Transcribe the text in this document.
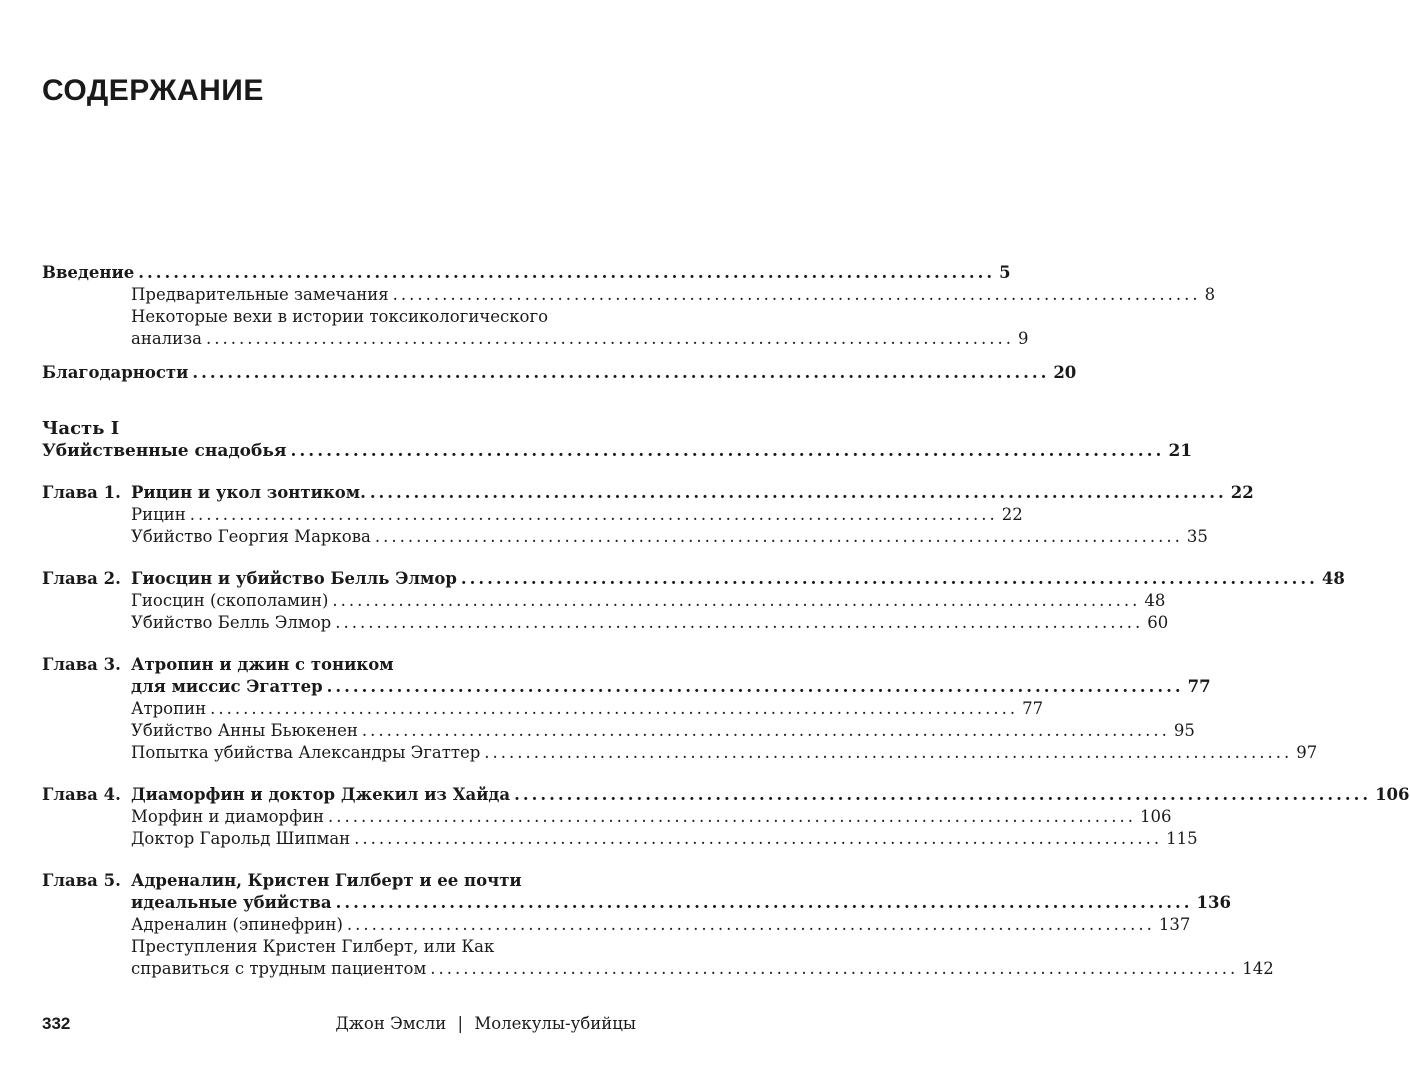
СОДЕРЖАНИЕ
Введение .................................................................................................. 5
Предварительные замечания .................................................................................................. 8
Некоторые вехи в истории токсикологического
анализа .................................................................................................. 9
Благодарности .................................................................................................. 20
Часть I
Убийственные снадобья .................................................................................................. 21
Глава 1. Рицин и укол зонтиком. .................................................................................................. 22
Рицин .................................................................................................. 22
Убийство Георгия Маркова .................................................................................................. 35
Глава 2. Гиосцин и убийство Белль Элмор .................................................................................................. 48
Гиосцин (скополамин) .................................................................................................. 48
Убийство Белль Элмор .................................................................................................. 60
Глава 3. Атропин и джин с тоником
для миссис Эгаттер .................................................................................................. 77
Атропин .................................................................................................. 77
Убийство Анны Бьюкенен .................................................................................................. 95
Попытка убийства Александры Эгаттер .................................................................................................. 97
Глава 4. Диаморфин и доктор Джекил из Хайда .................................................................................................. 106
Морфин и диаморфин .................................................................................................. 106
Доктор Гарольд Шипман .................................................................................................. 115
Глава 5. Адреналин, Кристен Гилберт и ее почти
идеальные убийства .................................................................................................. 136
Адреналин (эпинефрин) .................................................................................................. 137
Преступления Кристен Гилберт, или Как
справиться с трудным пациентом .................................................................................................. 142
332	Джон Эмсли | Молекулы-убийцы
